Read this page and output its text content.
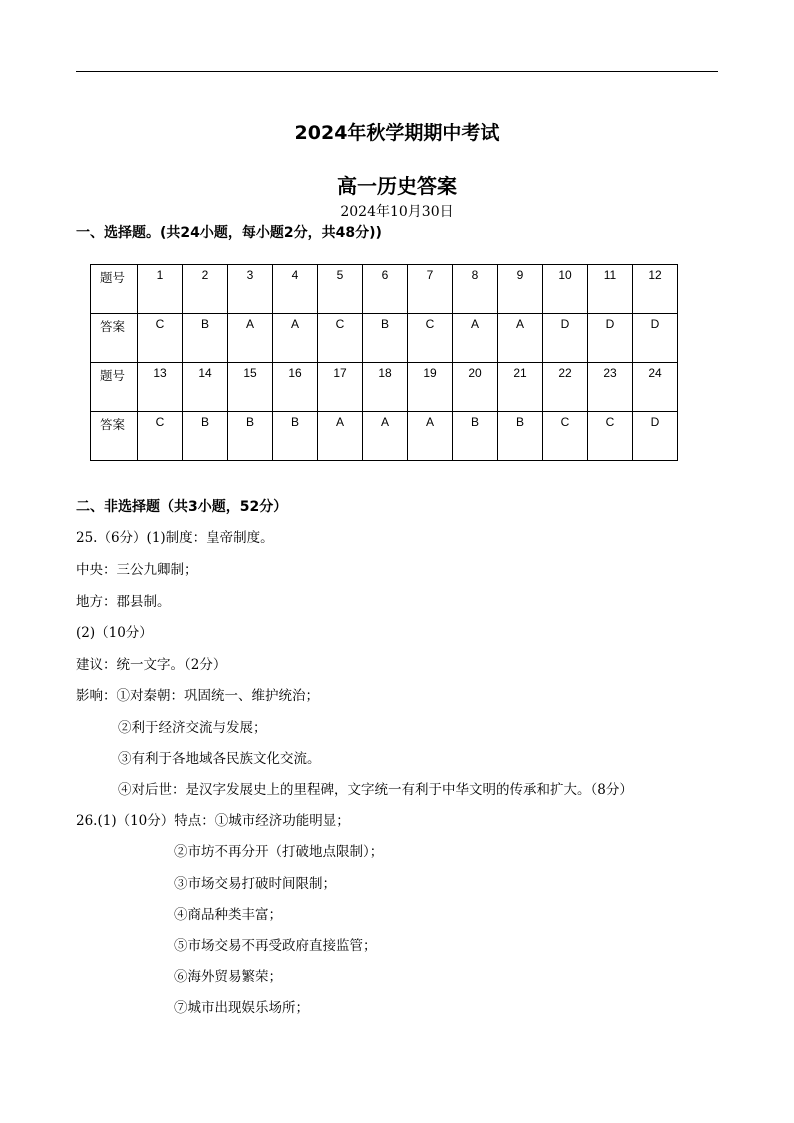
2024年秋学期期中考试
高一历史答案
2024年10月30日
一、选择题。(共24小题，每小题2分，共48分))
题号	1	2	3	4	5	6	7	8	9	10	11	12
答案	C	B	A	A	C	B	C	A	A	D	D	D
题号	13	14	15	16	17	18	19	20	21	22	23	24
答案	C	B	B	B	A	A	A	B	B	C	C	D
二、非选择题（共3小题，52分）
25.（6分）(1)制度：皇帝制度。
中央：三公九卿制；
地方：郡县制。
(2)（10分）
建议：统一文字。（2分）
影响：①对秦朝：巩固统一、维护统治；
②利于经济交流与发展；
③有利于各地域各民族文化交流。
④对后世：是汉字发展史上的里程碑，文字统一有利于中华文明的传承和扩大。（8分）
26.(1)（10分）特点：①城市经济功能明显；
②市坊不再分开（打破地点限制）；
③市场交易打破时间限制；
④商品种类丰富；
⑤市场交易不再受政府直接监管；
⑥海外贸易繁荣；
⑦城市出现娱乐场所；
